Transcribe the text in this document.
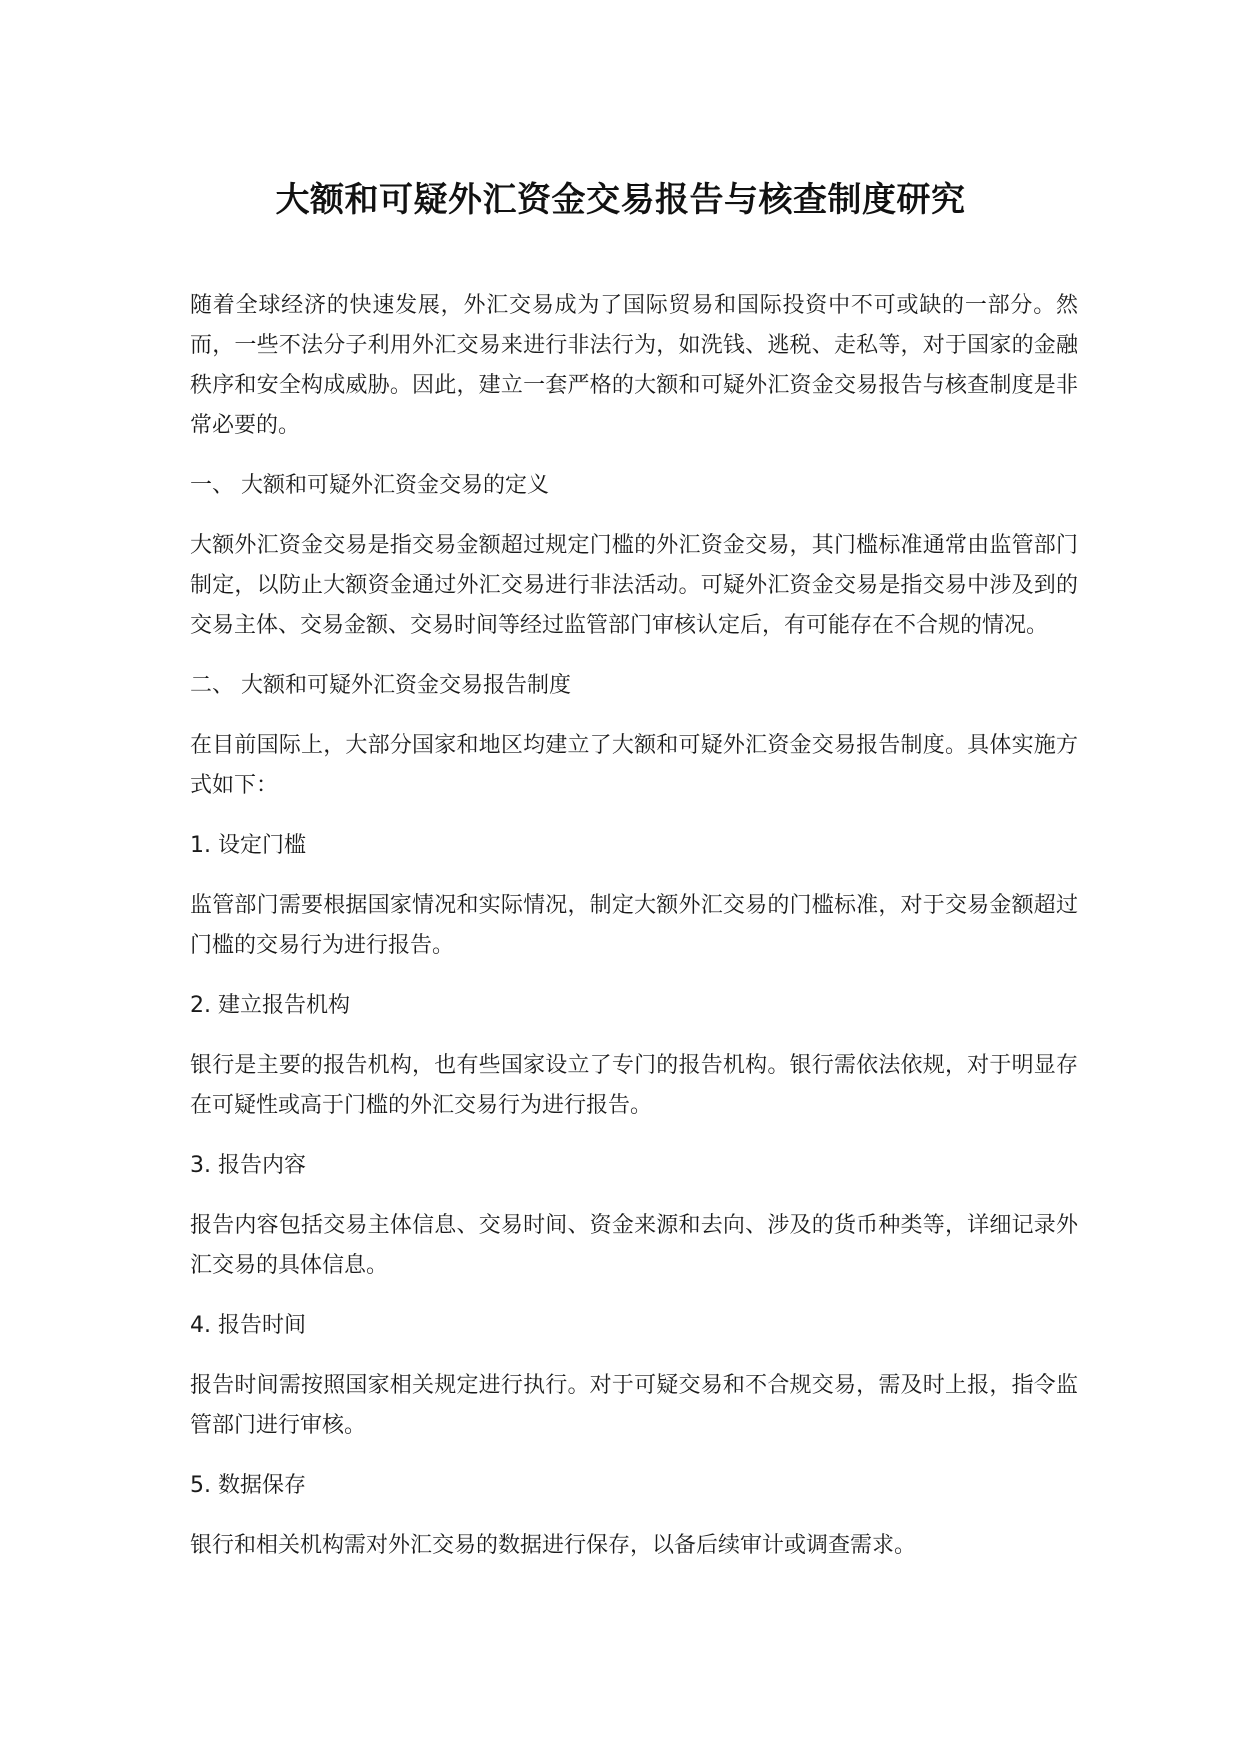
大额和可疑外汇资金交易报告与核查制度研究

随着全球经济的快速发展，外汇交易成为了国际贸易和国际投资中不可或缺的一部分。然而，一些不法分子利用外汇交易来进行非法行为，如洗钱、逃税、走私等，对于国家的金融秩序和安全构成威胁。因此，建立一套严格的大额和可疑外汇资金交易报告与核查制度是非常必要的。

一、 大额和可疑外汇资金交易的定义

大额外汇资金交易是指交易金额超过规定门槛的外汇资金交易，其门槛标准通常由监管部门制定，以防止大额资金通过外汇交易进行非法活动。可疑外汇资金交易是指交易中涉及到的交易主体、交易金额、交易时间等经过监管部门审核认定后，有可能存在不合规的情况。

二、 大额和可疑外汇资金交易报告制度

在目前国际上，大部分国家和地区均建立了大额和可疑外汇资金交易报告制度。具体实施方式如下：

1. 设定门槛

监管部门需要根据国家情况和实际情况，制定大额外汇交易的门槛标准，对于交易金额超过门槛的交易行为进行报告。

2. 建立报告机构

银行是主要的报告机构，也有些国家设立了专门的报告机构。银行需依法依规，对于明显存在可疑性或高于门槛的外汇交易行为进行报告。

3. 报告内容

报告内容包括交易主体信息、交易时间、资金来源和去向、涉及的货币种类等，详细记录外汇交易的具体信息。

4. 报告时间

报告时间需按照国家相关规定进行执行。对于可疑交易和不合规交易，需及时上报，指令监管部门进行审核。

5. 数据保存

银行和相关机构需对外汇交易的数据进行保存，以备后续审计或调查需求。
